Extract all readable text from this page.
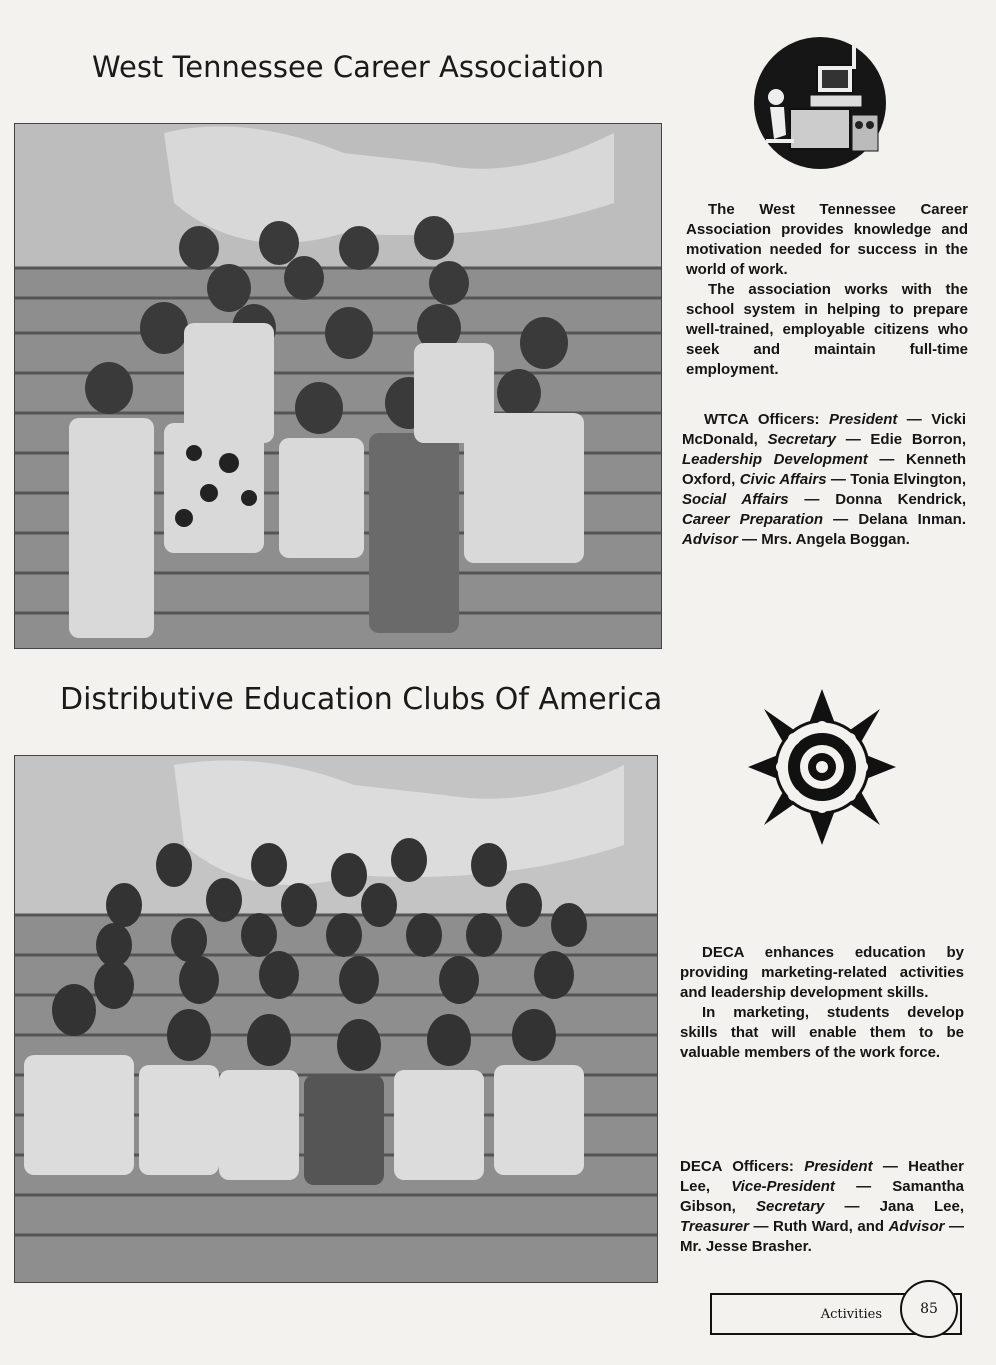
West Tennessee Career Association

The West Tennessee Career Association provides knowledge and motivation needed for success in the world of work.

The association works with the school system in helping to prepare well-trained, employable citizens who seek and maintain full-time employment.

WTCA Officers: President — Vicki McDonald, Secretary — Edie Borron, Leadership Development — Kenneth Oxford, Civic Affairs — Tonia Elvington, Social Affairs — Donna Kendrick, Career Preparation — Delana Inman. Advisor — Mrs. Angela Boggan.

Distributive Education Clubs Of America

DECA enhances education by providing marketing-related activities and leadership development skills.

In marketing, students develop skills that will enable them to be valuable members of the work force.

DECA Officers: President — Heather Lee, Vice-President — Samantha Gibson, Secretary — Jana Lee, Treasurer — Ruth Ward, and Advisor — Mr. Jesse Brasher.

Activities	85
